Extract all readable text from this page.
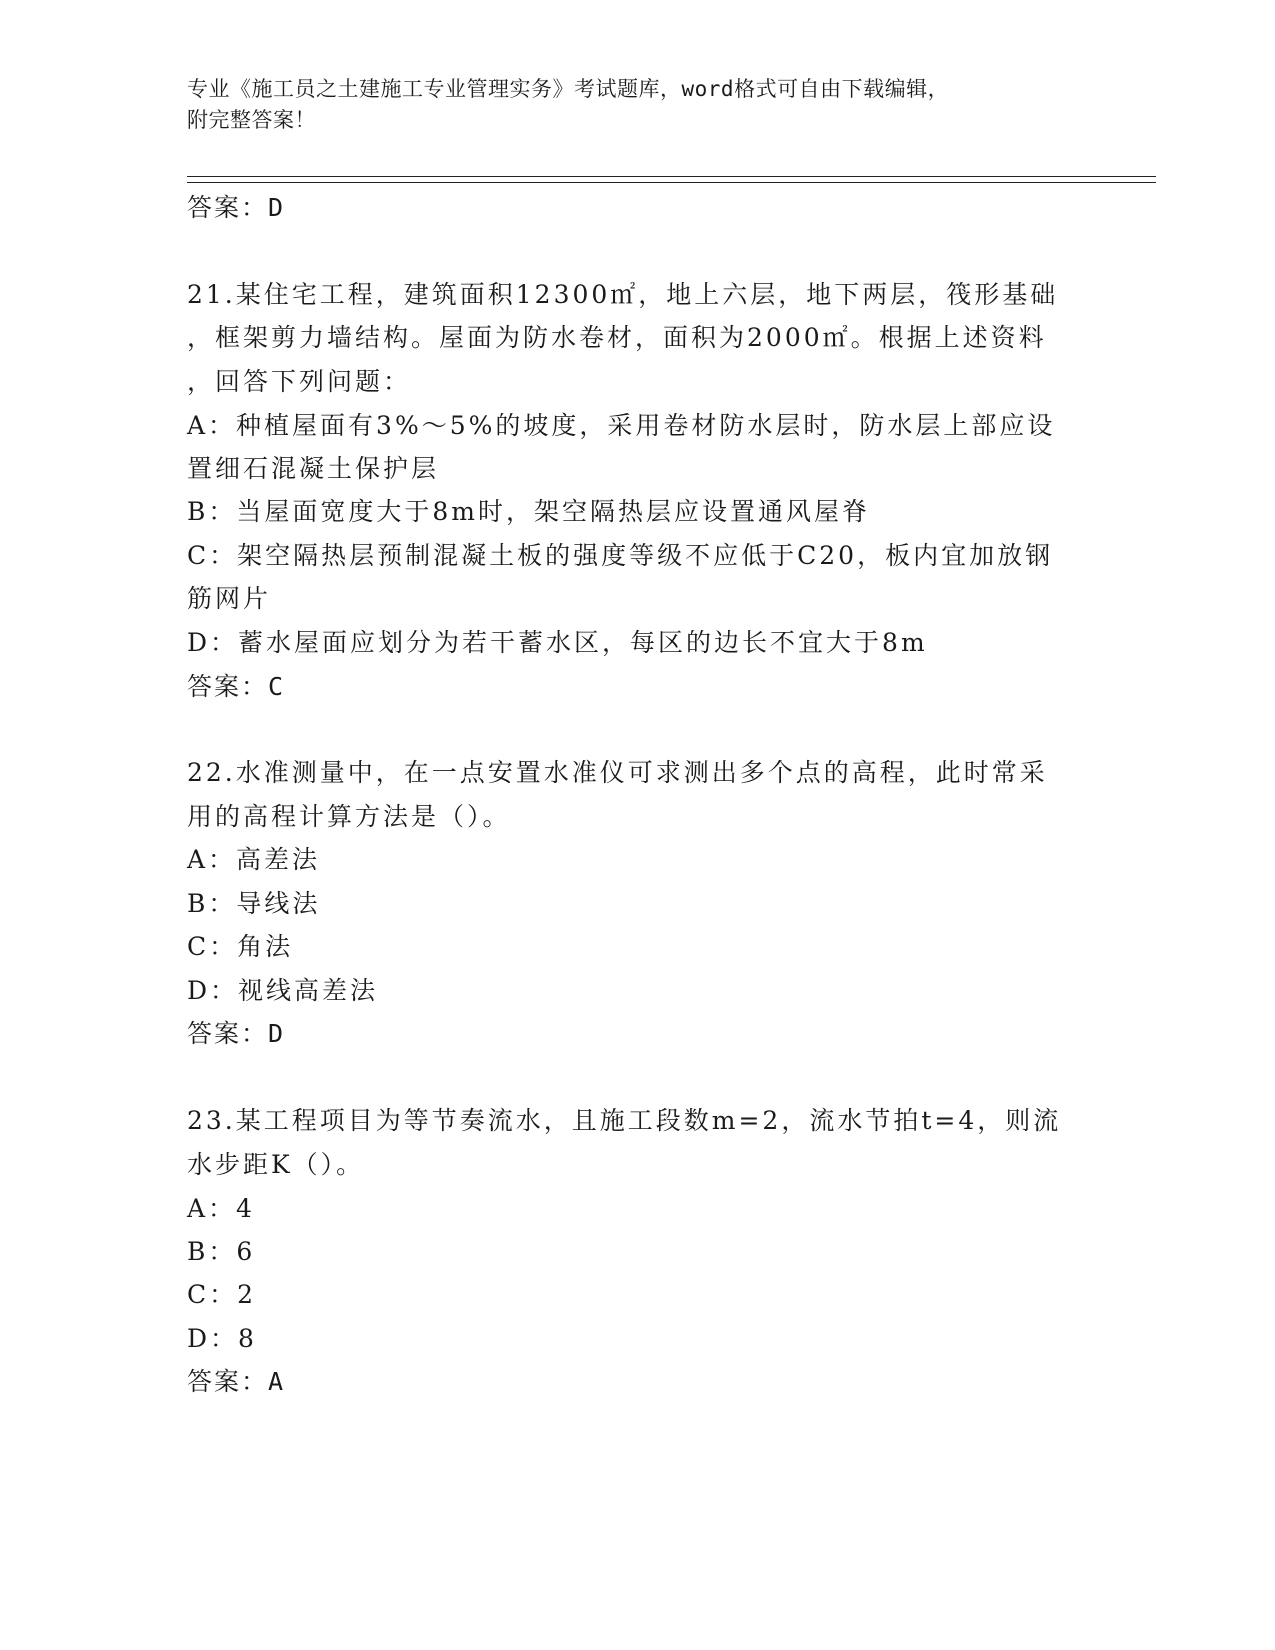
专业《施工员之土建施工专业管理实务》考试题库，word格式可自由下载编辑，
附完整答案！
答案：D
21.某住宅工程，建筑面积12300㎡，地上六层，地下两层，筏形基础
，框架剪力墙结构。屋面为防水卷材，面积为2000㎡。根据上述资料
，回答下列问题：
A：种植屋面有3%～5%的坡度，采用卷材防水层时，防水层上部应设
置细石混凝土保护层
B：当屋面宽度大于8m时，架空隔热层应设置通风屋脊
C：架空隔热层预制混凝土板的强度等级不应低于C20，板内宜加放钢
筋网片
D：蓄水屋面应划分为若干蓄水区，每区的边长不宜大于8m
答案：C
22.水准测量中，在一点安置水准仪可求测出多个点的高程，此时常采
用的高程计算方法是（）。
A：高差法
B：导线法
C：角法
D：视线高差法
答案：D
23.某工程项目为等节奏流水，且施工段数m=2，流水节拍t=4，则流
水步距K（）。
A：4
B：6
C：2
D：8
答案：A
